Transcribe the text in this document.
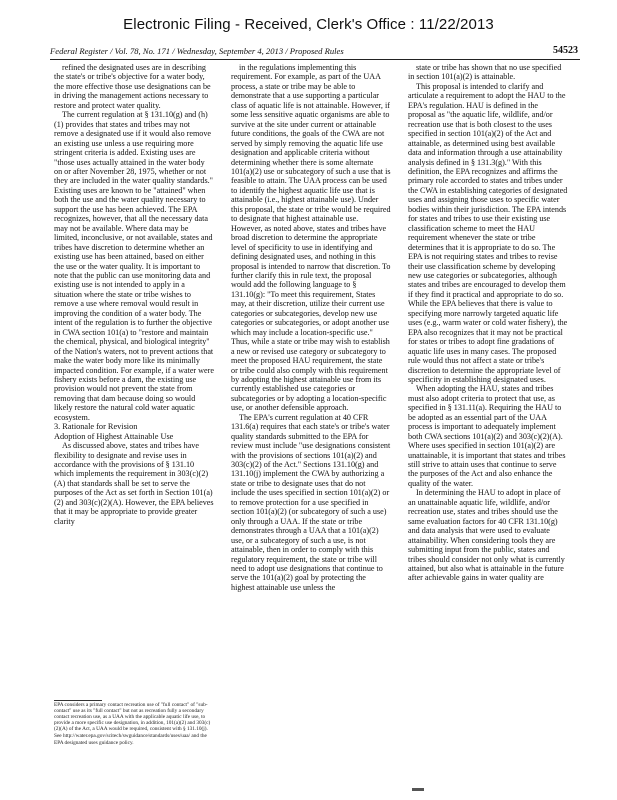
Electronic Filing - Received, Clerk's Office : 11/22/2013
Federal Register / Vol. 78, No. 171 / Wednesday, September 4, 2013 / Proposed Rules	54523

refined the designated uses are in describing the state's or tribe's objective for a water body, the more effective those use designations can be in driving the management actions necessary to restore and protect water quality.

The current regulation at § 131.10(g) and (h)(1) provides that states and tribes may not remove a designated use if it would also remove an existing use unless a use requiring more stringent criteria is added. Existing uses are "those uses actually attained in the water body on or after November 28, 1975, whether or not they are included in the water quality standards." Existing uses are known to be "attained" when both the use and the water quality necessary to support the use has been achieved. The EPA recognizes, however, that all the necessary data may not be available. Where data may be limited, inconclusive, or not available, states and tribes have discretion to determine whether an existing use has been attained, based on either the use or the water quality. It is important to note that the public can use monitoring data and existing use is not intended to apply in a situation where the state or tribe wishes to remove a use where removal would result in improving the condition of a water body. The intent of the regulation is to further the objective in CWA section 101(a) to "restore and maintain the chemical, physical, and biological integrity" of the Nation's waters, not to prevent actions that make the water body more like its minimally impacted condition. For example, if a water were fishery exists before a dam, the existing use provision would not prevent the state from removing that dam because doing so would likely restore the natural cold water aquatic ecosystem.

3. Rationale for Revision

Adoption of Highest Attainable Use

As discussed above, states and tribes have flexibility to designate and revise uses in accordance with the provisions of § 131.10 which implements the requirement in 303(c)(2)(A) that standards shall be set to serve the purposes of the Act as set forth in Section 101(a)(2) and 303(c)(2)(A). However, the EPA believes that it may be appropriate to provide greater clarity

EPA considers a primary contact recreation use of "full contact" of "sub-contact" use as its "full contact" but not as recreation fully a secondary contact recreation use, as a UAA with the applicable aquatic life use, to provide a more specific use designation, in addition, 101(a)(2) and 303(c)(2)(A) of the Act, a UAA would be required, consistent with § 131.10(j).
See http://water.epa.gov/scitech/swguidance/standards/uses/uaa/ and the EPA designated uses guidance policy.

in the regulations implementing this requirement. For example, as part of the UAA process, a state or tribe may be able to demonstrate that a use supporting a particular class of aquatic life is not attainable. However, if some less sensitive aquatic organisms are able to survive at the site under current or attainable future conditions, the goals of the CWA are not served by simply removing the aquatic life use designation and applicable criteria without determining whether there is some alternate 101(a)(2) use or subcategory of such a use that is feasible to attain. The UAA process can be used to identify the highest aquatic life use that is attainable (i.e., highest attainable use). Under this proposal, the state or tribe would be required to designate that highest attainable use. However, as noted above, states and tribes have broad discretion to determine the appropriate level of specificity to use in identifying and defining designated uses, and nothing in this proposal is intended to narrow that discretion. To further clarify this in rule text, the proposal would add the following language to § 131.10(g): "To meet this requirement, States may, at their discretion, utilize their current use categories or subcategories, develop new use categories or subcategories, or adopt another use which may include a location-specific use." Thus, while a state or tribe may wish to establish a new or revised use category or subcategory to meet the proposed HAU requirement, the state or tribe could also comply with this requirement by adopting the highest attainable use from its currently established use categories or subcategories or by adopting a location-specific use, or another defensible approach.

The EPA's current regulation at 40 CFR 131.6(a) requires that each state's or tribe's water quality standards submitted to the EPA for review must include "use designations consistent with the provisions of sections 101(a)(2) and 303(c)(2) of the Act." Sections 131.10(g) and 131.10(j) implement the CWA by authorizing a state or tribe to designate uses that do not include the uses specified in section 101(a)(2) or to remove protection for a use specified in section 101(a)(2) (or subcategory of such a use) only through a UAA. If the state or tribe demonstrates through a UAA that a 101(a)(2) use, or a subcategory of such a use, is not attainable, then in order to comply with this regulatory requirement, the state or tribe will need to adopt use designations that continue to serve the 101(a)(2) goal by protecting the highest attainable use unless the

state or tribe has shown that no use specified in section 101(a)(2) is attainable.

This proposal is intended to clarify and articulate a requirement to adopt the HAU to the EPA's regulation. HAU is defined in the proposal as "the aquatic life, wildlife, and/or recreation use that is both closest to the uses specified in section 101(a)(2) of the Act and attainable, as determined using best available data and information through a use attainability analysis defined in § 131.3(g)." With this definition, the EPA recognizes and affirms the primary role accorded to states and tribes under the CWA in establishing categories of designated uses and assigning those uses to specific water bodies within their jurisdiction. The EPA intends for states and tribes to use their existing use classification scheme to meet the HAU requirement whenever the state or tribe determines that it is appropriate to do so. The EPA is not requiring states and tribes to revise their use classification scheme by developing new use categories or subcategories, although states and tribes are encouraged to develop them if they find it practical and appropriate to do so. While the EPA believes that there is value to specifying more narrowly targeted aquatic life uses (e.g., warm water or cold water fishery), the EPA also recognizes that it may not be practical for states or tribes to adopt fine gradations of aquatic life uses in many cases. The proposed rule would thus not affect a state or tribe's discretion to determine the appropriate level of specificity in establishing designated uses.

When adopting the HAU, states and tribes must also adopt criteria to protect that use, as specified in § 131.11(a). Requiring the HAU to be adopted as an essential part of the UAA process is important to adequately implement both CWA sections 101(a)(2) and 303(c)(2)(A). Where uses specified in section 101(a)(2) are unattainable, it is important that states and tribes still strive to attain uses that continue to serve the purposes of the Act and also enhance the quality of the water.

In determining the HAU to adopt in place of an unattainable aquatic life, wildlife, and/or recreation use, states and tribes should use the same evaluation factors for 40 CFR 131.10(g) and data analysis that were used to evaluate attainability. When considering tools they are submitting input from the public, states and tribes should consider not only what is currently attained, but also what is attainable in the future after achievable gains in water quality are
